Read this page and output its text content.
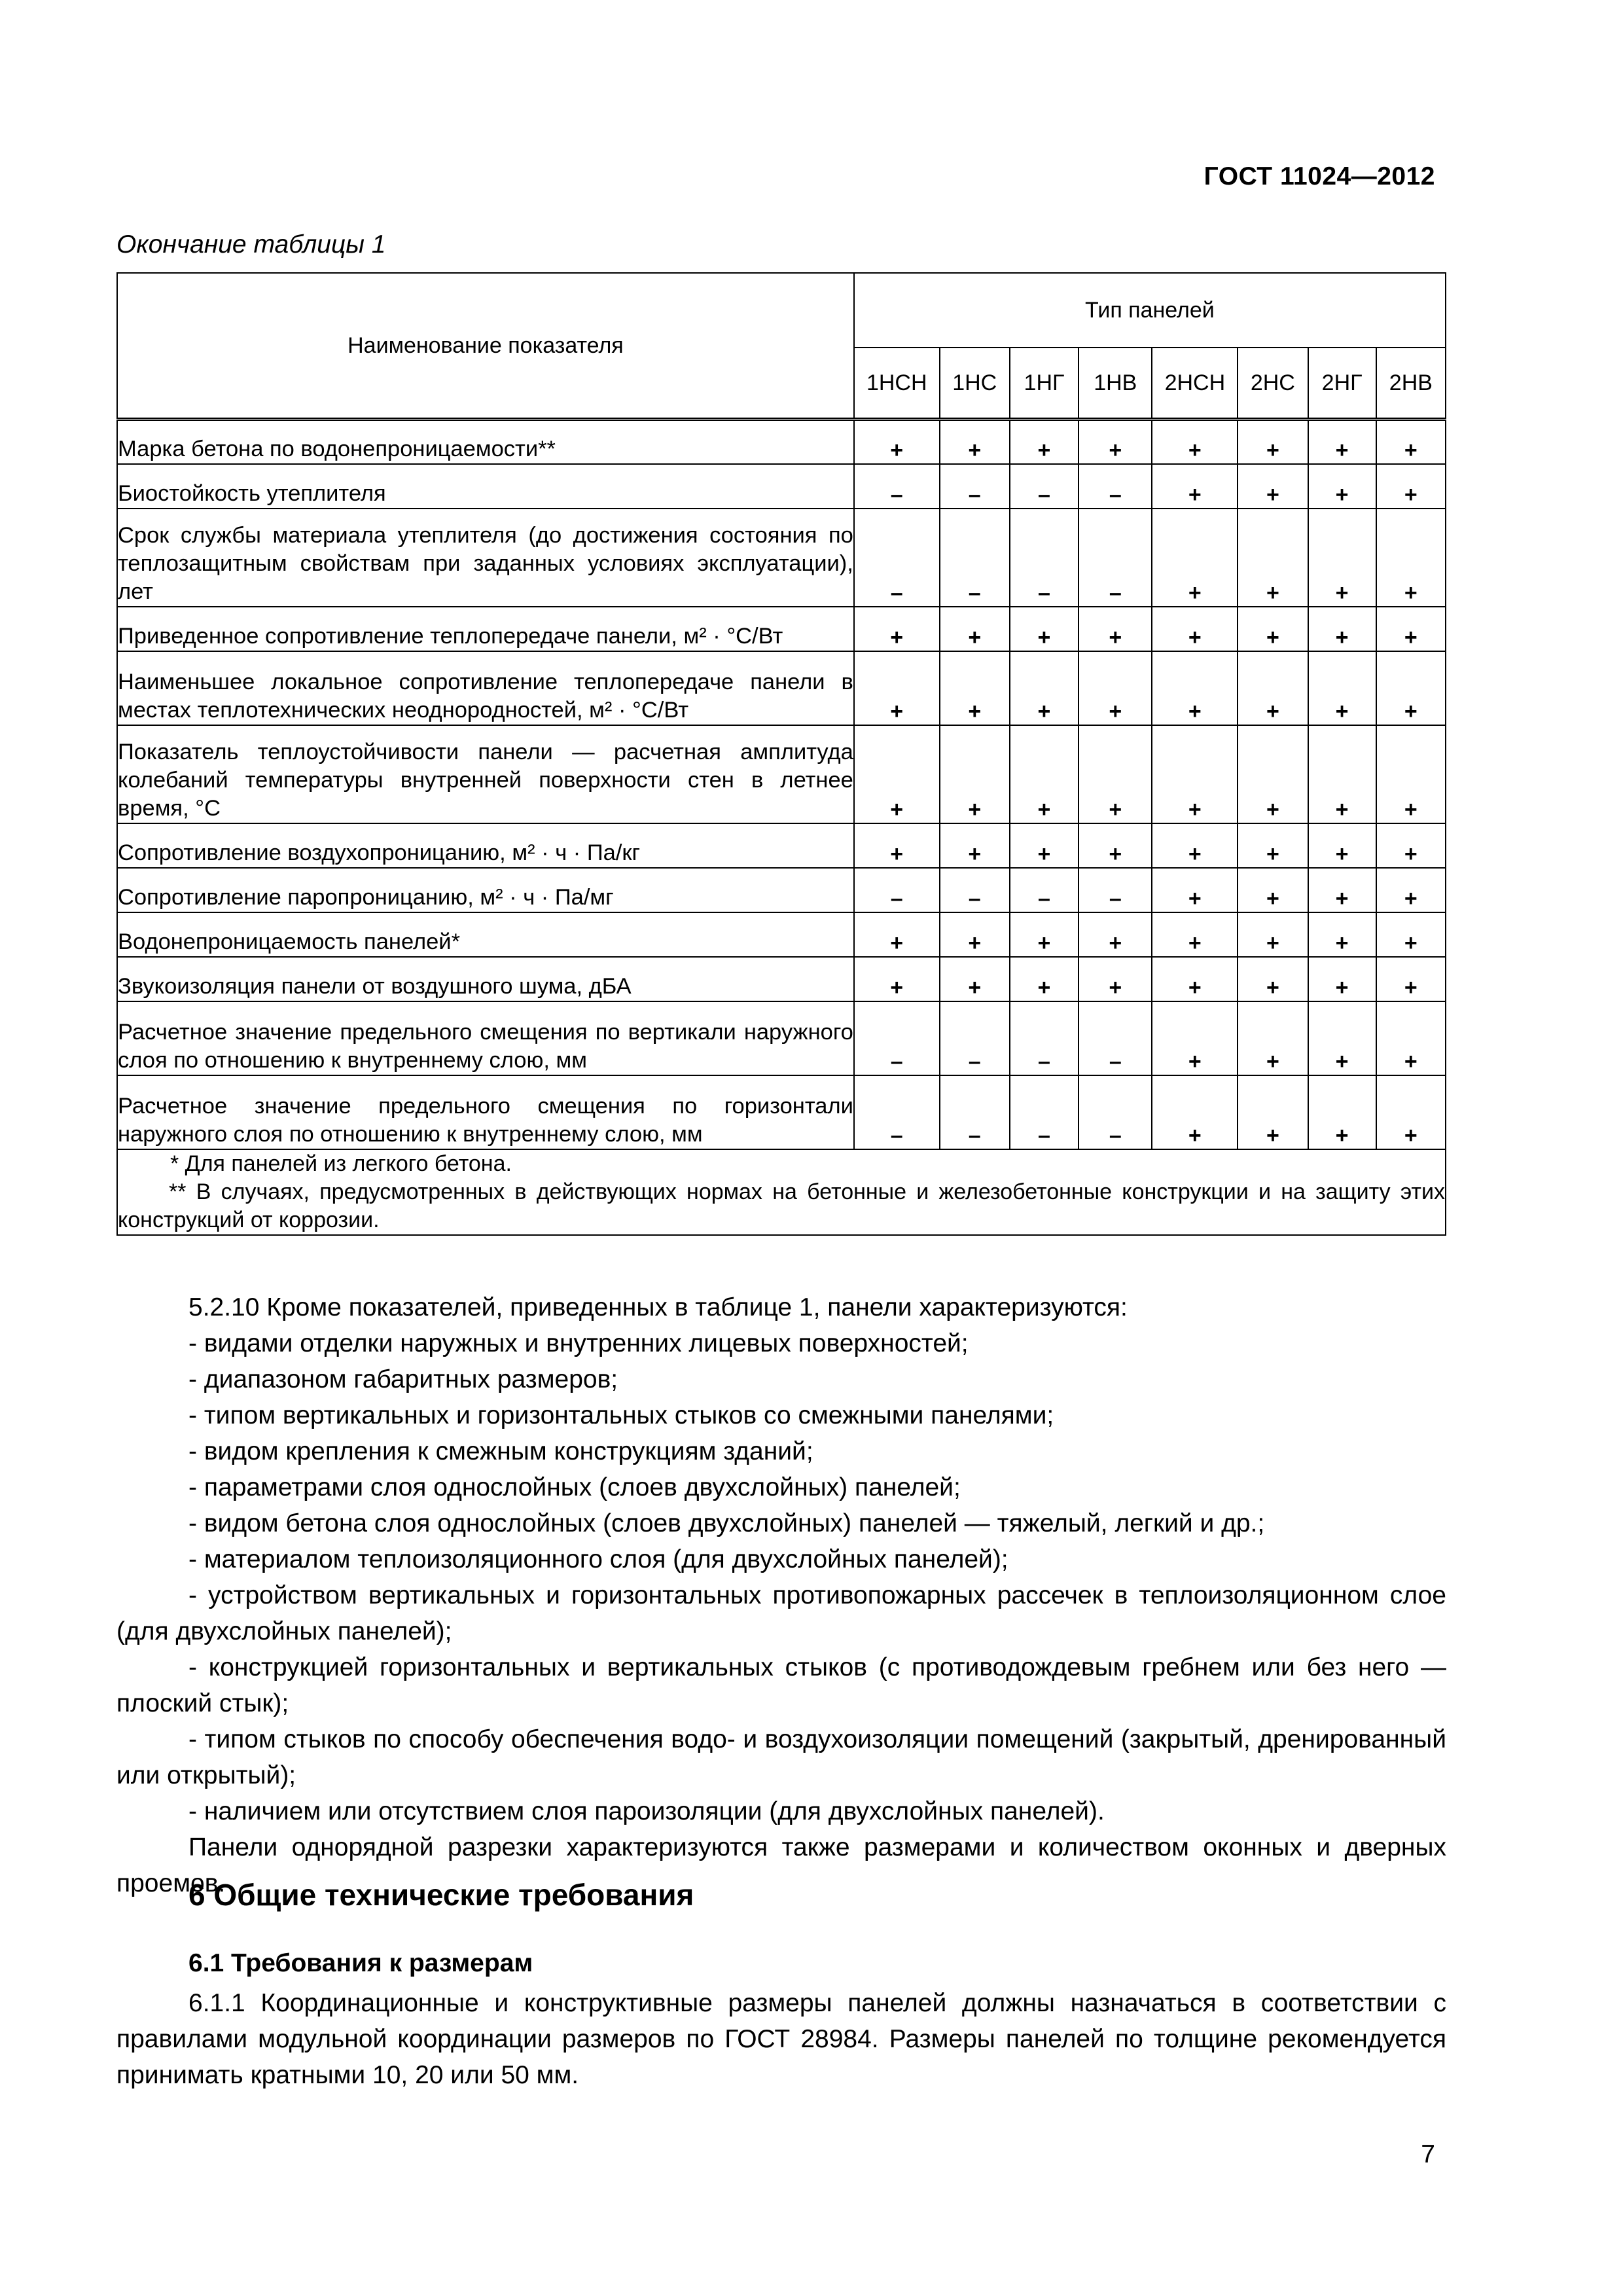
ГОСТ 11024—2012
Окончание таблицы 1
Наименование показателя	Тип панелей							
	1НСН	1НС	1НГ	1НВ	2НСН	2НС	2НГ	2НВ
Марка бетона по водонепроницаемости**	+	+	+	+	+	+	+	+
Биостойкость утеплителя	–	–	–	–	+	+	+	+
Срок службы материала утеплителя (до достижения состояния по теплозащитным свойствам при заданных условиях эксплуатации), лет	–	–	–	–	+	+	+	+
Приведенное сопротивление теплопередаче панели, м² · °С/Вт	+	+	+	+	+	+	+	+
Наименьшее локальное сопротивление теплопередаче панели в местах теплотехнических неоднородностей, м² · °С/Вт	+	+	+	+	+	+	+	+
Показатель теплоустойчивости панели — расчетная амплитуда колебаний температуры внутренней поверхности стен в летнее время, °С	+	+	+	+	+	+	+	+
Сопротивление воздухопроницанию, м² · ч · Па/кг	+	+	+	+	+	+	+	+
Сопротивление паропроницанию, м² · ч · Па/мг	–	–	–	–	+	+	+	+
Водонепроницаемость панелей*	+	+	+	+	+	+	+	+
Звукоизоляция панели от воздушного шума, дБА	+	+	+	+	+	+	+	+
Расчетное значение предельного смещения по вертикали наружного слоя по отношению к внутреннему слою, мм	–	–	–	–	+	+	+	+
Расчетное значение предельного смещения по горизонтали наружного слоя по отношению к внутреннему слою, мм	–	–	–	–	+	+	+	+

* Для панелей из легкого бетона.
** В случаях, предусмотренных в действующих нормах на бетонные и железобетонные конструкции и на защиту этих конструкций от коррозии.								

5.2.10 Кроме показателей, приведенных в таблице 1, панели характеризуются:

- видами отделки наружных и внутренних лицевых поверхностей;

- диапазоном габаритных размеров;

- типом вертикальных и горизонтальных стыков со смежными панелями;

- видом крепления к смежным конструкциям зданий;

- параметрами слоя однослойных (слоев двухслойных) панелей;

- видом бетона слоя однослойных (слоев двухслойных) панелей — тяжелый, легкий и др.;

- материалом теплоизоляционного слоя (для двухслойных панелей);

- устройством вертикальных и горизонтальных противопожарных рассечек в теплоизоляционном слое (для двухслойных панелей);

- конструкцией горизонтальных и вертикальных стыков (с противодождевым гребнем или без него — плоский стык);

- типом стыков по способу обеспечения водо- и воздухоизоляции помещений (закрытый, дренированный или открытый);

- наличием или отсутствием слоя пароизоляции (для двухслойных панелей).

Панели однорядной разрезки характеризуются также размерами и количеством оконных и дверных проемов.

6 Общие технические требования
6.1 Требования к размерам

6.1.1 Координационные и конструктивные размеры панелей должны назначаться в соответствии с правилами модульной координации размеров по ГОСТ 28984. Размеры панелей по толщине рекомендуется принимать кратными 10, 20 или 50 мм.

7
